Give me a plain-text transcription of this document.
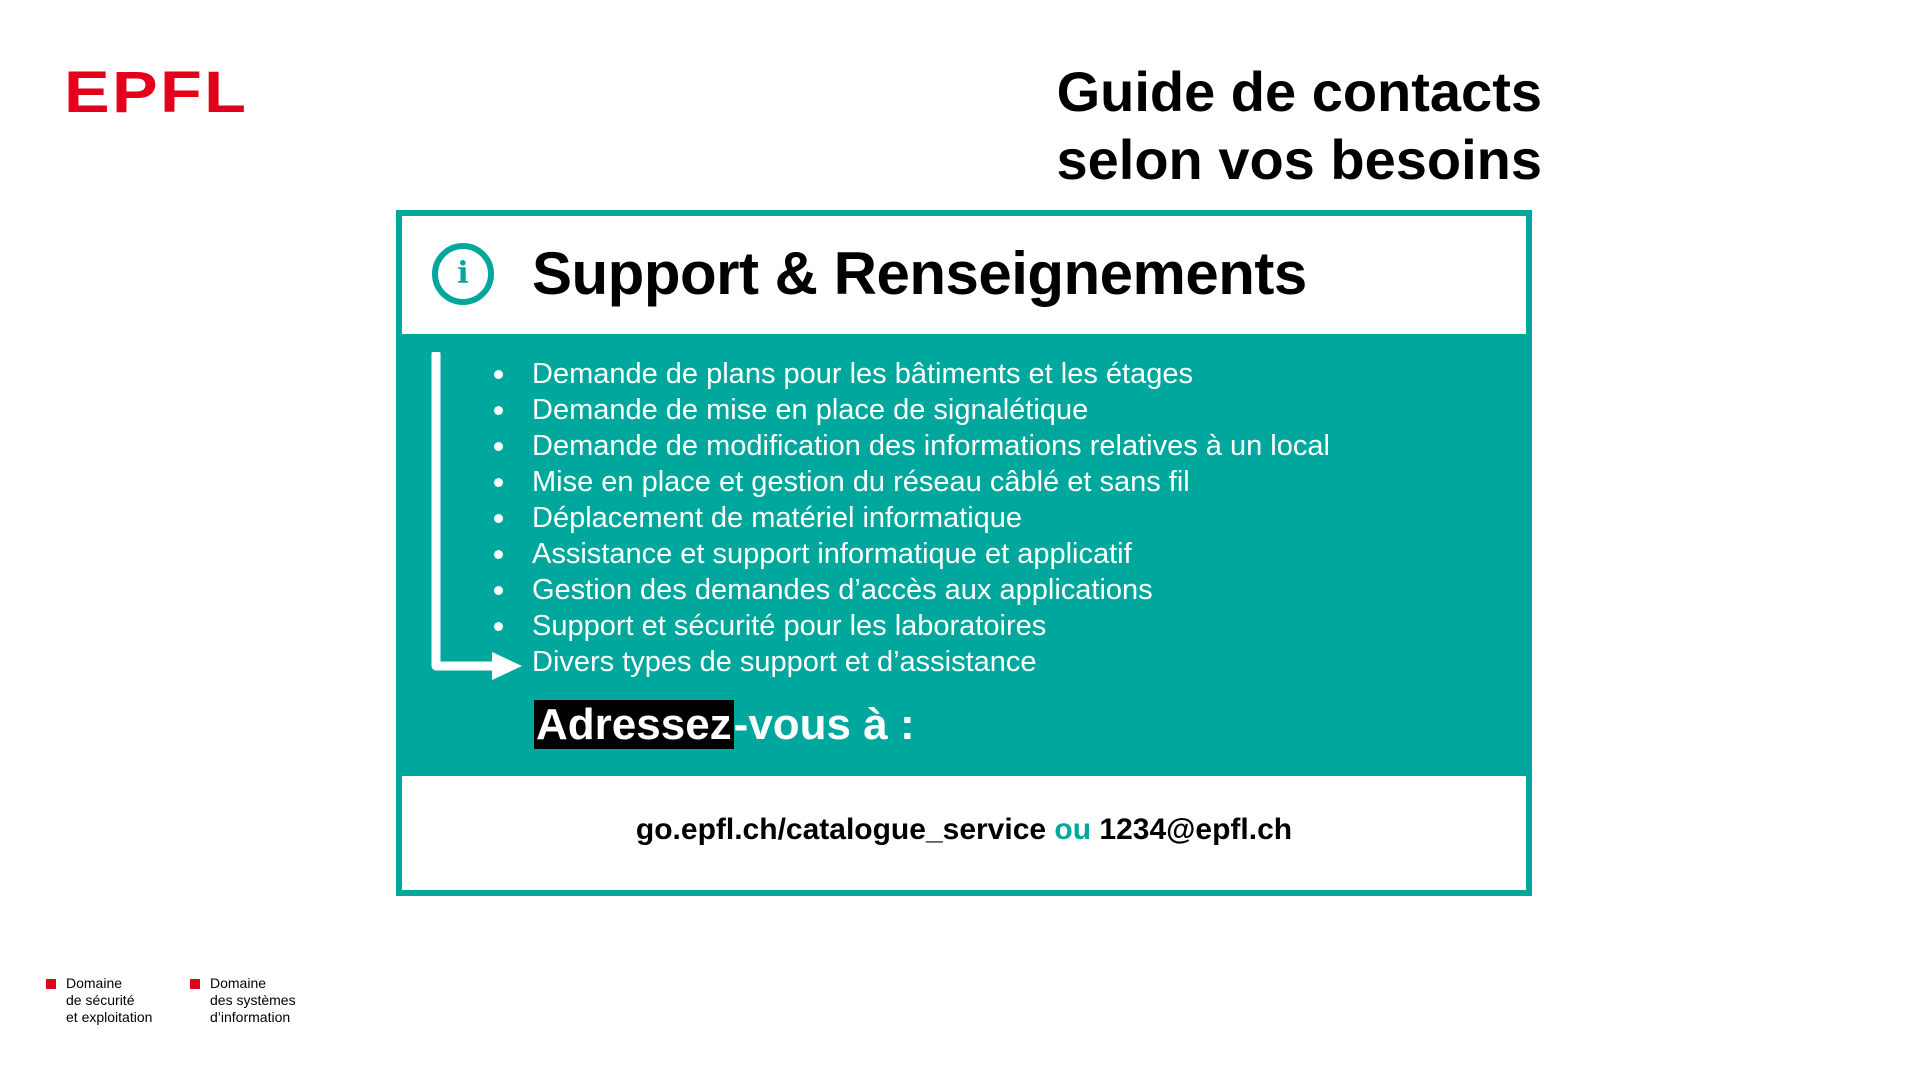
EPFL	Guide de contacts
selon vos besoins
i	Support & Renseignements
Demande de plans pour les bâtiments et les étages
Demande de mise en place de signalétique
Demande de modification des informations relatives à un local
Mise en place et gestion du réseau câblé et sans fil
Déplacement de matériel informatique
Assistance et support informatique et applicatif
Gestion des demandes d’accès aux applications
Support et sécurité pour les laboratoires
Divers types de support et d’assistance
Adressez-vous à :
go.epfl.ch/catalogue_service ou 1234@epfl.ch
Domaine
de sécurité
et exploitation
Domaine
des systèmes
d’information
